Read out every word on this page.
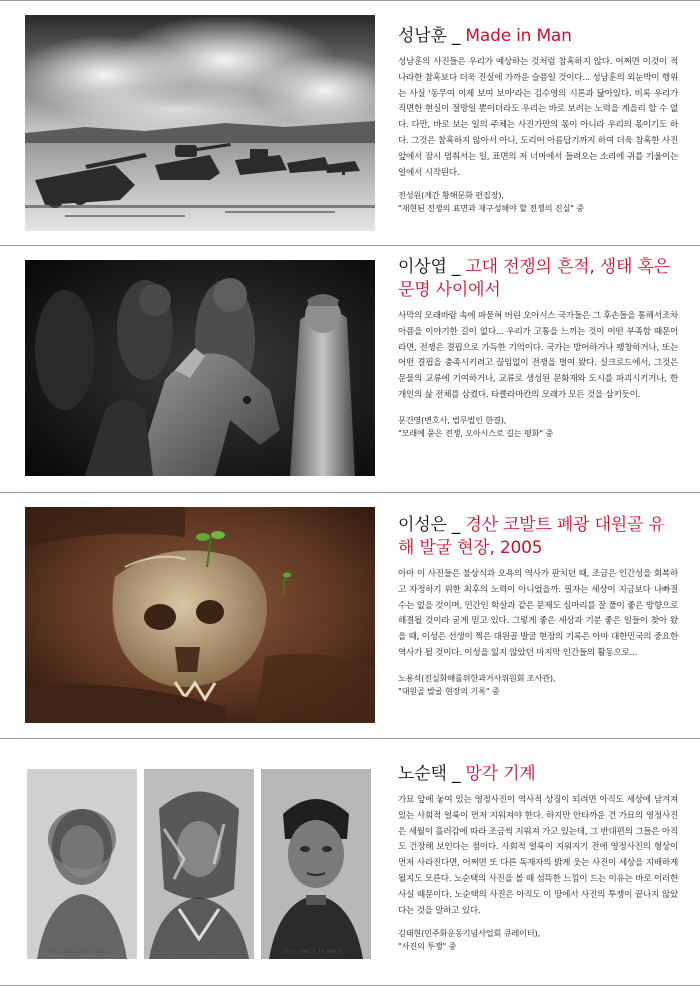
성남훈 _ Made in Man

성남훈의 사진들은 우리가 예상하는 것처럼 참혹하지 않다. 어쩌면 이것이 적나라한 참혹보다 더욱 진실에 가까운 슬픔일 것이다... 성남훈의 외눈박이 행위는 사실 '동무여 이제 보여 보아'라는 김수영의 시론과 닮아있다. 비록 우리가 직면한 현실이 절망일 뿐이더라도 우리는 바로 보려는 노력을 계을리 할 수 없다. 다만, 바로 보는 일의 주체는 사진가만의 몫이 아니라 우리의 몫이기도 하다. 그것은 참혹하지 않아서 아니, 도리어 아름답기까지 하여 더욱 참혹한 사진 앞에서 잠시 멈춰서는 일, 표면의 저 너머에서 들려오는 소리에 귀를 기울이는 일에서 시작된다.

전성원(계간 황해문화 편집장),
"재현된 전쟁의 표면과 재구성해야 할 전쟁의 진실" 중

이상엽 _ 고대 전쟁의 흔적, 생태 혹은 문명 사이에서

사막의 모래바람 속에 파묻혀 버린 오아시스 국가들은 그 후손들을 통해서조차 아픔을 이야기한 길이 없다... 우리가 고통을 느끼는 것이 어떤 부족함 때문이라면, 전쟁은 결핍으로 가득한 기억이다. 국가는 방어하거나 팽창하거나, 또는 어떤 결핍을 충족시키려고 끊임없이 전쟁을 벌여 왔다. 실크로드에서, 그것은 문물의 교류에 기여하거나, 교류로 생성된 문화재와 도시를 파괴시키거나, 한 개인의 삶 전체를 삼켰다. 타클라마칸의 모래가 모든 것을 삼키듯이.

문건영(변호사, 법무법인 한결),
"모래에 묻은 전쟁, 오아시스로 길는 평화" 중

이성은 _ 경산 코발트 폐광 대원골 유해 발굴 현장, 2005

아마 이 사진들은 불상식과 오욕의 역사가 판치던 때, 조금은 인간성을 회복하고 자정하기 위한 최후의 노력이 아니었을까. 필자는 세상이 지금보다 나빠질 수는 없을 것이며, 민간인 학살과 같은 문제도 심마리를 잘 풀이 좋은 방향으로 해결될 것이라 굳게 믿고 있다. 그렇게 좋은 세상과 기분 좋은 일들이 찾아 왔을 때, 이성은 선생이 찍은 대원골 발굴 현장의 기록은 아마 대한민국의 중요한 역사가 될 것이다. 이성을 잃지 않았던 마지막 인간들의 활동으로...

노용석(진실화해를위한과거사위원회 조사관),
"대원골 발굴 현장의 기록" 중

박 ○ ○ 1952. 1. 3.7 ~ 1981. 5 …	정 ○ ○ 1953. 5. 3 ~ 1980. 5. 18 …	한 ○ ○ 1963. 4. 7 ~ 1980. 5 …
노순택 _ 망각 기계

가묘 앞에 놓여 있는 영정사진이 역사적 상징이 되려면 아직도 세상에 남겨져 있는 사회적 얼룩이 먼저 지워져야 한다. 하지만 안타까운 건 가묘의 영정사진은 세월이 흘러감에 따라 조금씩 지워져 가고 있는데, 그 반대편의 그들은 아직도 건장해 보인다는 점이다. 사회적 얼룩이 지워지기 전에 영정사진의 형상이 먼저 사라진다면, 어쩌면 또 다른 독재자의 밝게 웃는 사진이 세상을 지배하게 될지도 모른다. 노순택의 사진을 볼 때 섬뜩한 느낌이 드는 이유는 바로 이러한 사실 때문이다. 노순택의 사진은 아직도 이 땅에서 사진의 투쟁이 끝나지 않았다는 것을 말하고 있다.

김태현(민주화운동기념사업회 큐레이터),
"사진의 투쟁" 중
